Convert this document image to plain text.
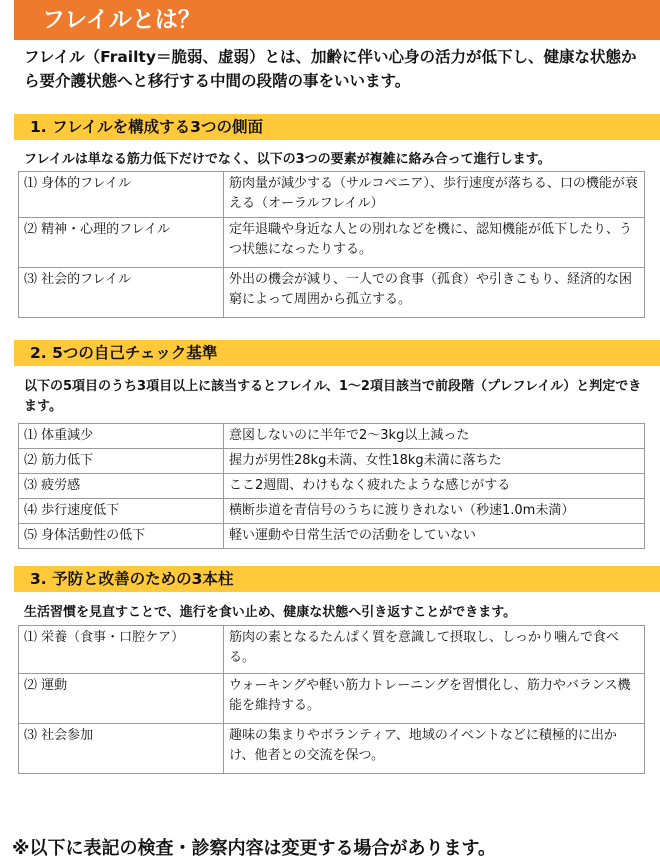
フレイルとは？
フレイル（Frailty＝脆弱、虚弱）とは、加齢に伴い心身の活力が低下し、健康な状態から要介護状態へと移行する中間の段階の事をいいます。
1. フレイルを構成する3つの側面
フレイルは単なる筋力低下だけでなく、以下の3つの要素が複雑に絡み合って進行します。
⑴ 身体的フレイル	筋肉量が減少する（サルコペニア）、歩行速度が落ちる、口の機能が衰える（オーラルフレイル）
⑵ 精神・心理的フレイル	定年退職や身近な人との別れなどを機に、認知機能が低下したり、うつ状態になったりする。
⑶ 社会的フレイル	外出の機会が減り、一人での食事（孤食）や引きこもり、経済的な困窮によって周囲から孤立する。
2. 5つの自己チェック基準
以下の5項目のうち3項目以上に該当するとフレイル、1～2項目該当で前段階（プレフレイル）と判定できます。
⑴ 体重減少	意図しないのに半年で2～3kg以上減った
⑵ 筋力低下	握力が男性28kg未満、女性18kg未満に落ちた
⑶ 疲労感	ここ2週間、わけもなく疲れたような感じがする
⑷ 歩行速度低下	横断歩道を青信号のうちに渡りきれない（秒速1.0m未満）
⑸ 身体活動性の低下	軽い運動や日常生活での活動をしていない
3. 予防と改善のための3本柱
生活習慣を見直すことで、進行を食い止め、健康な状態へ引き返すことができます。
⑴ 栄養（食事・口腔ケア）	筋肉の素となるたんぱく質を意識して摂取し、しっかり噛んで食べる。
⑵ 運動	ウォーキングや軽い筋力トレーニングを習慣化し、筋力やバランス機能を維持する。
⑶ 社会参加	趣味の集まりやボランティア、地域のイベントなどに積極的に出かけ、他者との交流を保つ。
※以下に表記の検査・診察内容は変更する場合があります。
